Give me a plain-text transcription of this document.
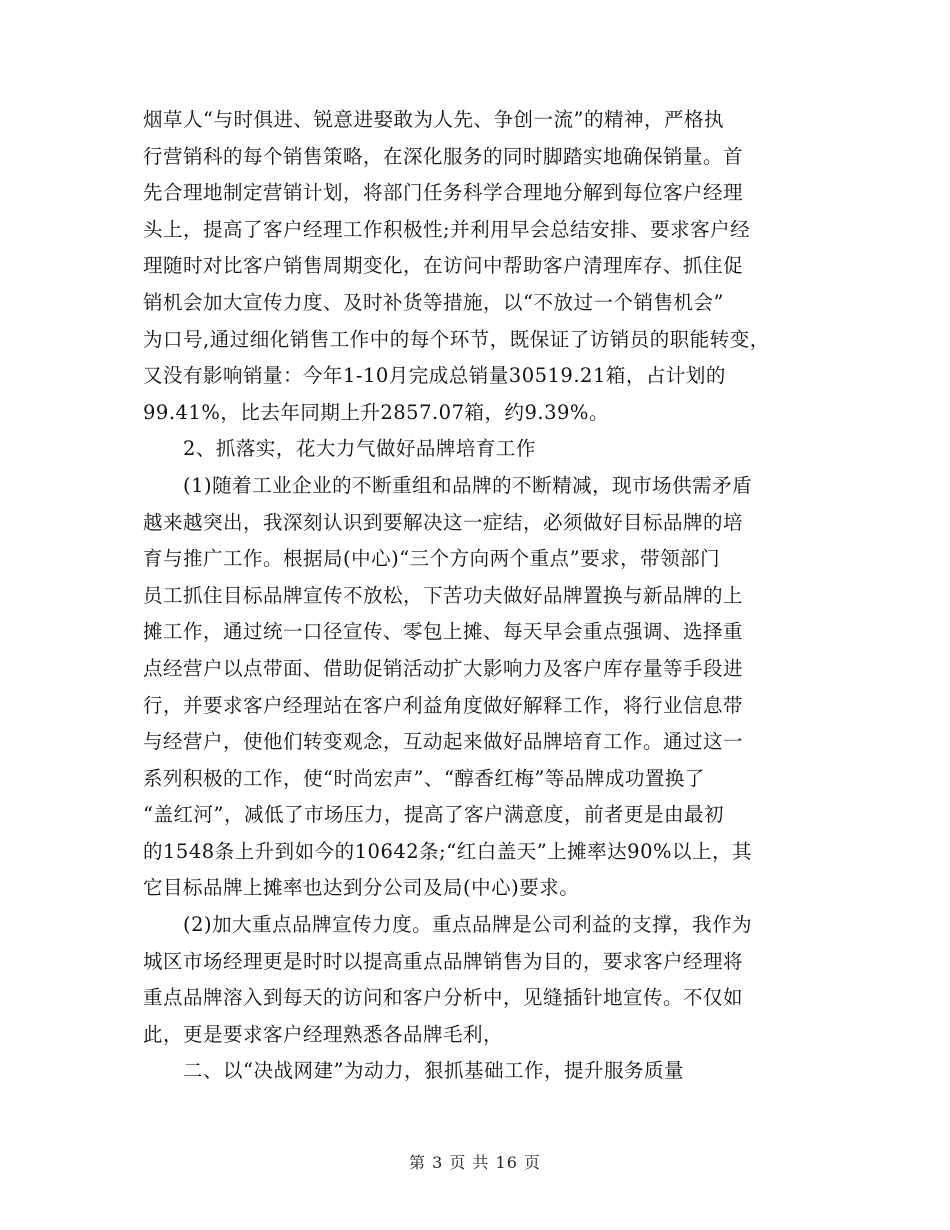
烟草人“与时俱进、锐意进娶敢为人先、争创一流”的精神，严格执
行营销科的每个销售策略，在深化服务的同时脚踏实地确保销量。首
先合理地制定营销计划，将部门任务科学合理地分解到每位客户经理
头上，提高了客户经理工作积极性;并利用早会总结安排、要求客户经
理随时对比客户销售周期变化，在访问中帮助客户清理库存、抓住促
销机会加大宣传力度、及时补货等措施，以“不放过一个销售机会”
为口号,通过细化销售工作中的每个环节，既保证了访销员的职能转变，
又没有影响销量：今年1-10月完成总销量30519.21箱，占计划的
99.41%，比去年同期上升2857.07箱，约9.39%。
2、抓落实，花大力气做好品牌培育工作
(1)随着工业企业的不断重组和品牌的不断精减，现市场供需矛盾
越来越突出，我深刻认识到要解决这一症结，必须做好目标品牌的培
育与推广工作。根据局(中心)“三个方向两个重点”要求，带领部门
员工抓住目标品牌宣传不放松，下苦功夫做好品牌置换与新品牌的上
摊工作，通过统一口径宣传、零包上摊、每天早会重点强调、选择重
点经营户以点带面、借助促销活动扩大影响力及客户库存量等手段进
行，并要求客户经理站在客户利益角度做好解释工作，将行业信息带
与经营户，使他们转变观念，互动起来做好品牌培育工作。通过这一
系列积极的工作，使“时尚宏声”、“醇香红梅”等品牌成功置换了
“盖红河”，减低了市场压力，提高了客户满意度，前者更是由最初
的1548条上升到如今的10642条;“红白盖天”上摊率达90%以上，其
它目标品牌上摊率也达到分公司及局(中心)要求。
(2)加大重点品牌宣传力度。重点品牌是公司利益的支撑，我作为
城区市场经理更是时时以提高重点品牌销售为目的，要求客户经理将
重点品牌溶入到每天的访问和客户分析中，见缝插针地宣传。不仅如
此，更是要求客户经理熟悉各品牌毛利，
二、以“决战网建”为动力，狠抓基础工作，提升服务质量
第 3 页 共 16 页
